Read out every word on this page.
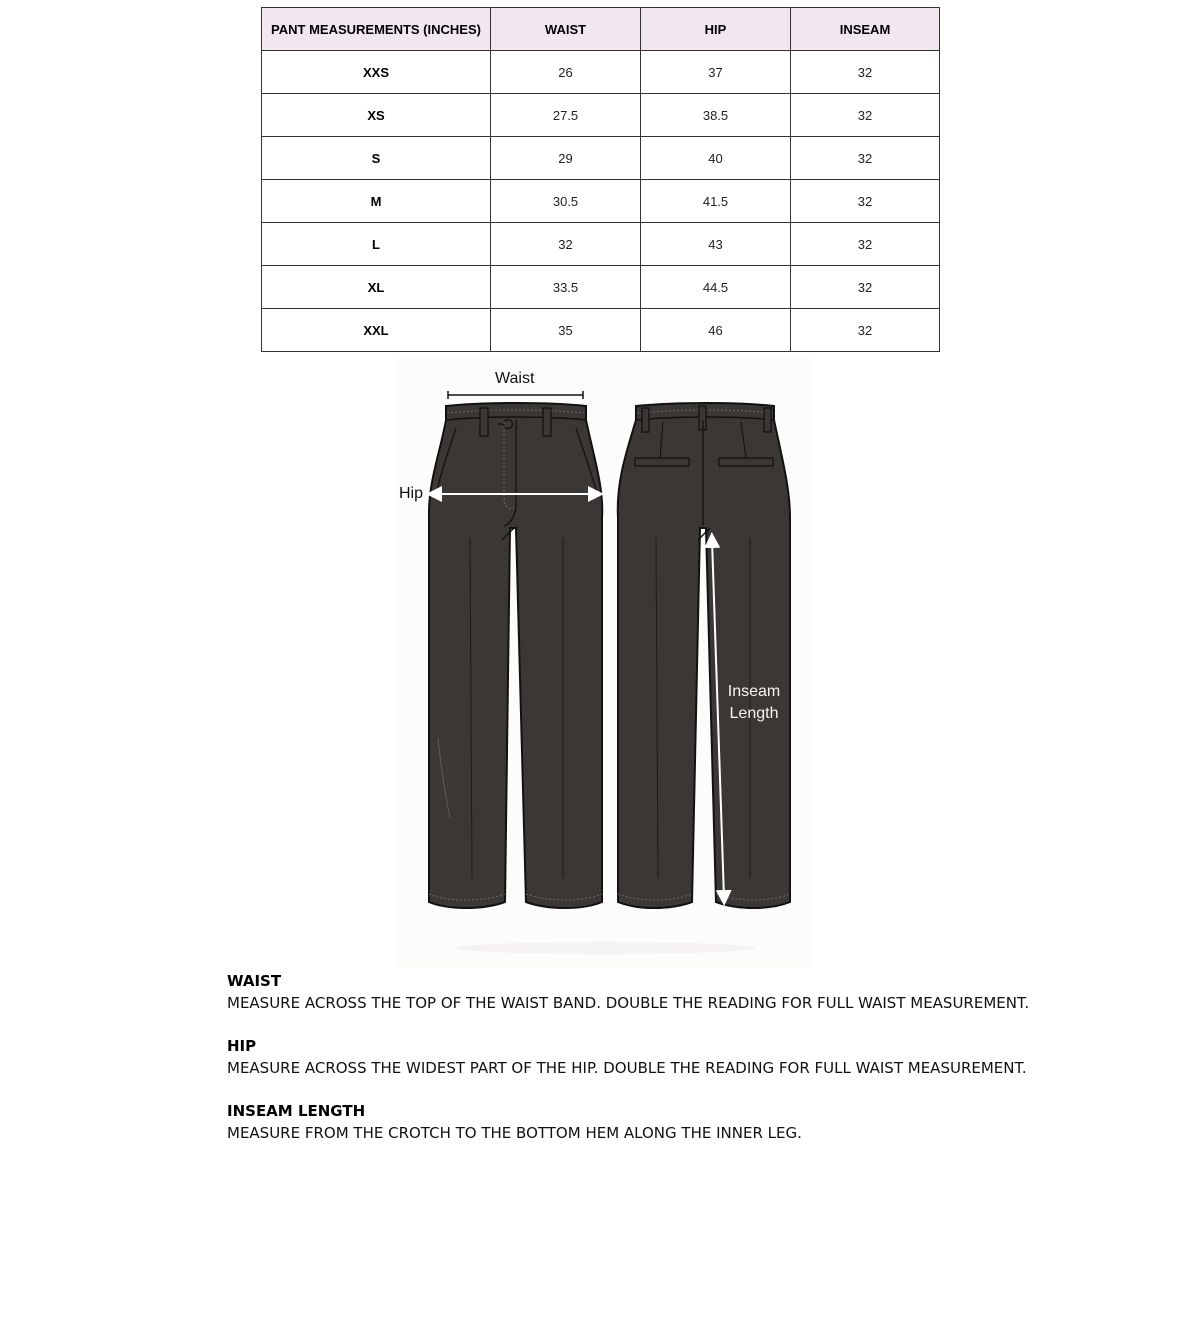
PANT MEASUREMENTS (INCHES)	WAIST	HIP	INSEAM
XXS	26	37	32
XS	27.5	38.5	32
S	29	40	32
M	30.5	41.5	32
L	32	43	32
XL	33.5	44.5	32
XXL	35	46	32
Waist
Hip
Inseam
Length
WAIST
MEASURE ACROSS THE TOP OF THE WAIST BAND. DOUBLE THE READING FOR FULL WAIST MEASUREMENT.
HIP
MEASURE ACROSS THE WIDEST PART OF THE HIP. DOUBLE THE READING FOR FULL WAIST MEASUREMENT.
INSEAM LENGTH
MEASURE FROM THE CROTCH TO THE BOTTOM HEM ALONG THE INNER LEG.
